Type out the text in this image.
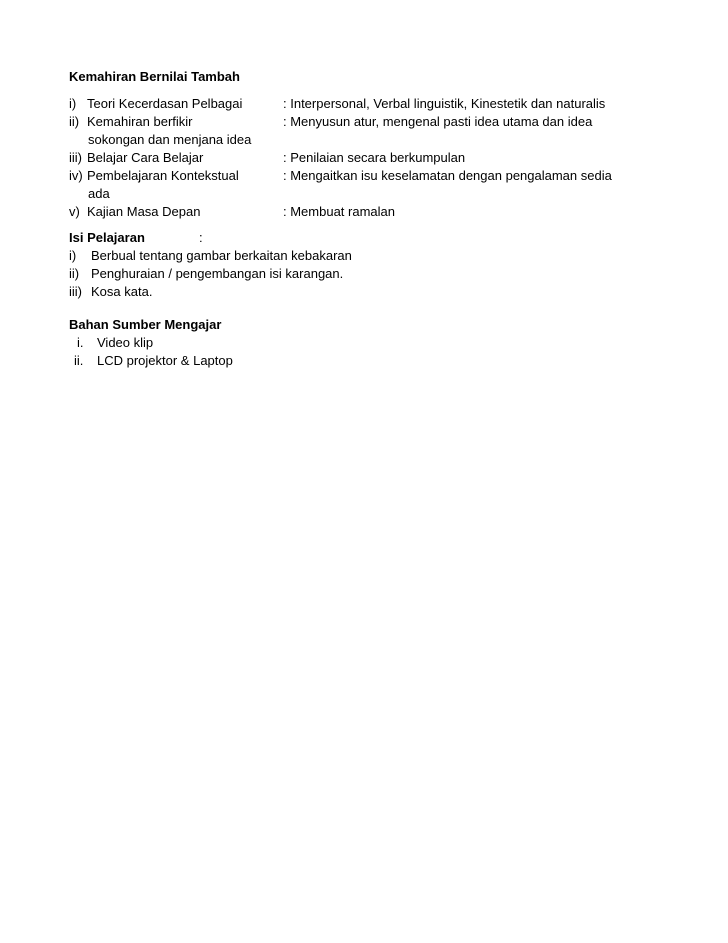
Kemahiran Bernilai Tambah
i) Teori Kecerdasan Pelbagai	: Interpersonal, Verbal linguistik, Kinestetik dan naturalis
ii) Kemahiran berfikir	: Menyusun atur, mengenal pasti idea utama dan idea
sokongan dan menjana idea
iii) Belajar Cara Belajar	: Penilaian secara berkumpulan
iv) Pembelajaran Kontekstual	: Mengaitkan isu keselamatan dengan pengalaman sedia
ada
v) Kajian Masa Depan	: Membuat ramalan
Isi Pelajaran	:
i) Berbual tentang gambar berkaitan kebakaran
ii) Penghuraian / pengembangan isi karangan.
iii) Kosa kata.
Bahan Sumber Mengajar
i. Video klip
ii. LCD projektor & Laptop
